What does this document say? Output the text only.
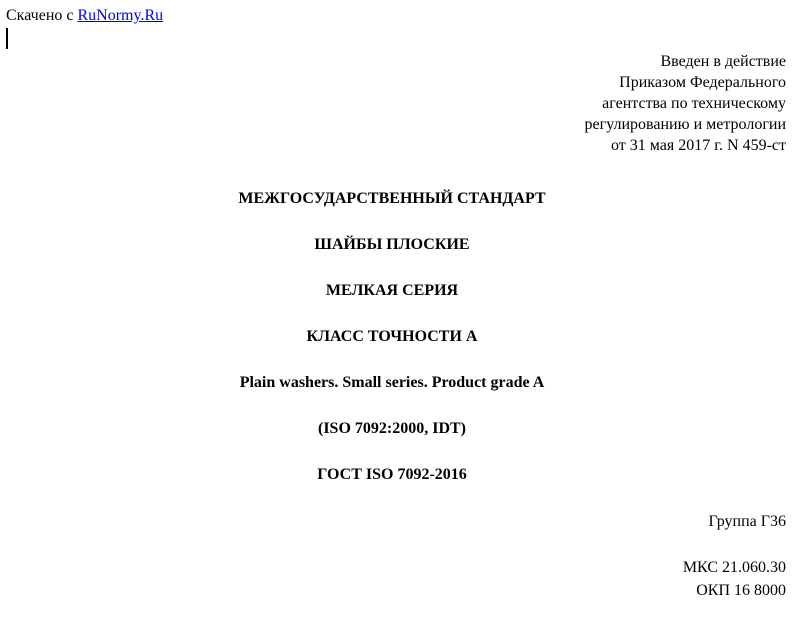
Скачено с RuNormy.Ru
Введен в действие
Приказом Федерального
агентства по техническому
регулированию и метрологии
от 31 мая 2017 г. N 459-ст
МЕЖГОСУДАРСТВЕННЫЙ СТАНДАРТ
ШАЙБЫ ПЛОСКИЕ
МЕЛКАЯ СЕРИЯ
КЛАСС ТОЧНОСТИ А
Plain washers. Small series. Product grade A
(ISO 7092:2000, IDT)
ГОСТ ISO 7092-2016
Группа Г36
МКС 21.060.30
ОКП 16 8000
